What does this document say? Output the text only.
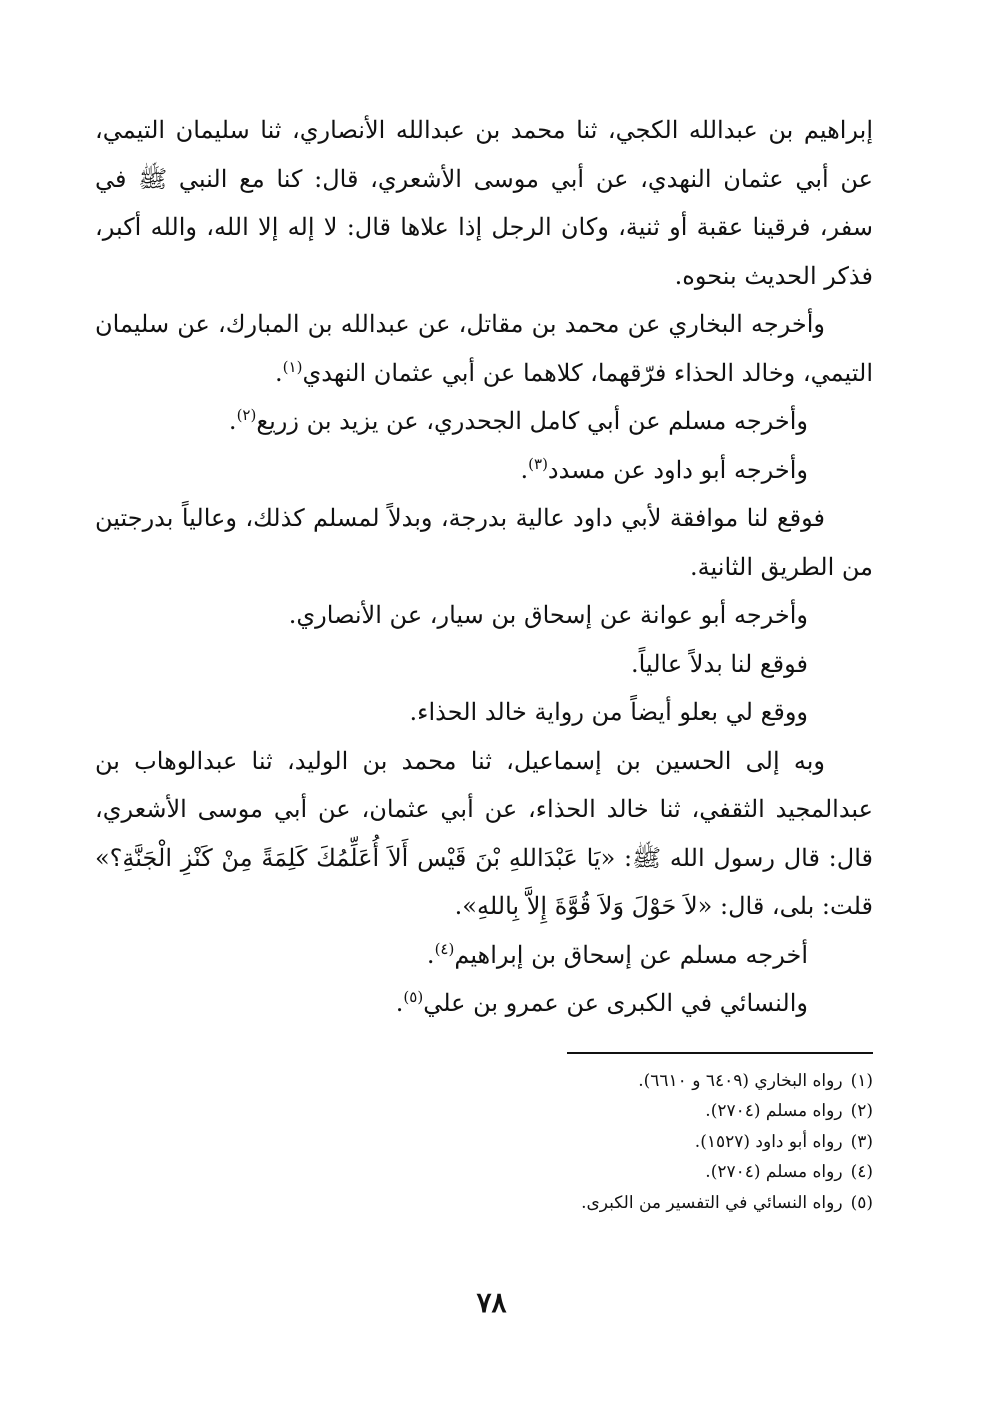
إبراهيم بن عبدالله الكجي، ثنا محمد بن عبدالله الأنصاري، ثنا سليمان التيمي، عن أبي عثمان النهدي، عن أبي موسى الأشعري، قال: كنا مع النبي ﷺ في سفر، فرقينا عقبة أو ثنية، وكان الرجل إذا علاها قال: لا إله إلا الله، والله أكبر، فذكر الحديث بنحوه.

وأخرجه البخاري عن محمد بن مقاتل، عن عبدالله بن المبارك، عن سليمان التيمي، وخالد الحذاء فرّقهما، كلاهما عن أبي عثمان النهدي$^{(١)}$.

وأخرجه مسلم عن أبي كامل الجحدري، عن يزيد بن زريع$^{(٢)}$.

وأخرجه أبو داود عن مسدد$^{(٣)}$.

فوقع لنا موافقة لأبي داود عالية بدرجة، وبدلاً لمسلم كذلك، وعالياً بدرجتين من الطريق الثانية.

وأخرجه أبو عوانة عن إسحاق بن سيار، عن الأنصاري.

فوقع لنا بدلاً عالياً.

ووقع لي بعلو أيضاً من رواية خالد الحذاء.

وبه إلى الحسين بن إسماعيل، ثنا محمد بن الوليد، ثنا عبدالوهاب بن عبدالمجيد الثقفي، ثنا خالد الحذاء، عن أبي عثمان، عن أبي موسى الأشعري، قال: قال رسول الله ﷺ: «يَا عَبْدَاللهِ بْنَ قَيْس أَلاَ أُعَلِّمُكَ كَلِمَةً مِنْ كَنْزِ الْجَنَّةِ؟» قلت: بلى، قال: «لاَ حَوْلَ وَلاَ قُوَّةَ إِلاَّ بِاللهِ».

أخرجه مسلم عن إسحاق بن إبراهيم$^{(٤)}$.

والنسائي في الكبرى عن عمرو بن علي$^{(٥)}$.

(١)رواه البخاري (٦٤٠٩ و ٦٦١٠).
(٢)رواه مسلم (٢٧٠٤).
(٣)رواه أبو داود (١٥٢٧).
(٤)رواه مسلم (٢٧٠٤).
(٥)رواه النسائي في التفسير من الكبرى.
٧٨
